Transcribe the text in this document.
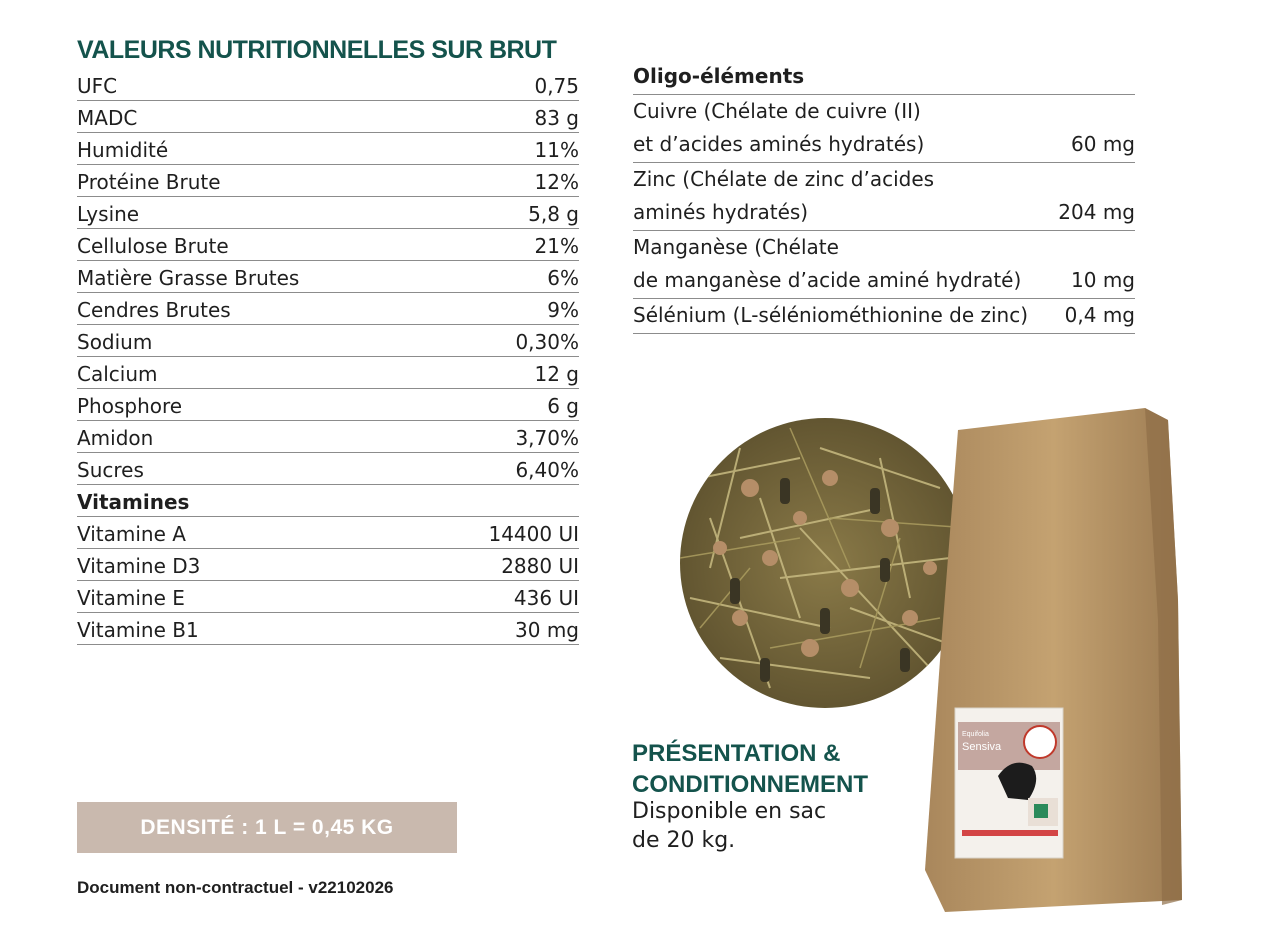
VALEURS NUTRITIONNELLES SUR BRUT
UFC	0,75
MADC	83 g
Humidité	11%
Protéine Brute	12%
Lysine	5,8 g
Cellulose Brute	21%
Matière Grasse Brutes	6%
Cendres Brutes	9%
Sodium	0,30%
Calcium	12 g
Phosphore	6 g
Amidon	3,70%
Sucres	6,40%
Vitamines
Vitamine A	14400 UI
Vitamine D3	2880 UI
Vitamine E	436 UI
Vitamine B1	30 mg
Oligo-éléments
Cuivre (Chélate de cuivre (II)
et d’acides aminés hydratés)	60 mg
Zinc (Chélate de zinc d’acides
aminés hydratés)	204 mg
Manganèse (Chélate
de manganèse d’acide aminé hydraté)	10 mg
Sélénium (L-séléniométhionine de zinc)	0,4 mg
Equifolia
Sensiva
PRÉSENTATION &
CONDITIONNEMENT
Disponible en sac
de 20 kg.
DENSITÉ : 1 L = 0,45 KG
Document non-contractuel - v22102026
